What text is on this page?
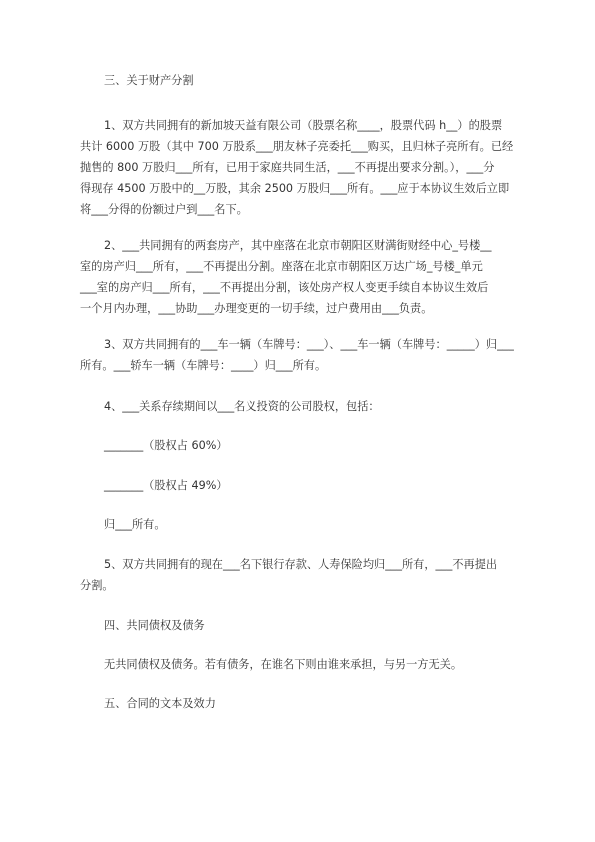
三、关于财产分割
1、双方共同拥有的新加坡天益有限公司（股票名称____，股票代码 h__）的股票
共计 6000 万股（其中 700 万股系___朋友林子亮委托___购买，且归林子亮所有。已经
抛售的 800 万股归___所有，已用于家庭共同生活，___不再提出要求分割。），___分
得现存 4500 万股中的__万股，其余 2500 万股归___所有。___应于本协议生效后立即
将___分得的份额过户到___名下。
2、___共同拥有的两套房产，其中座落在北京市朝阳区财满街财经中心_号楼__
室的房产归___所有，___不再提出分割。座落在北京市朝阳区万达广场_号楼_单元
___室的房产归___所有，___不再提出分割，该处房产权人变更手续自本协议生效后
一个月内办理，___协助___办理变更的一切手续，过户费用由___负责。
3、双方共同拥有的___车一辆（车牌号：___）、___车一辆（车牌号：_____）归___
所有。___轿车一辆（车牌号：____）归___所有。
4、___关系存续期间以___名义投资的公司股权，包括：
_______（股权占 60%）
_______（股权占 49%）
归___所有。
5、双方共同拥有的现在___名下银行存款、人寿保险均归___所有，___不再提出
分割。
四、共同债权及债务
无共同债权及债务。若有债务，在谁名下则由谁来承担，与另一方无关。
五、合同的文本及效力
